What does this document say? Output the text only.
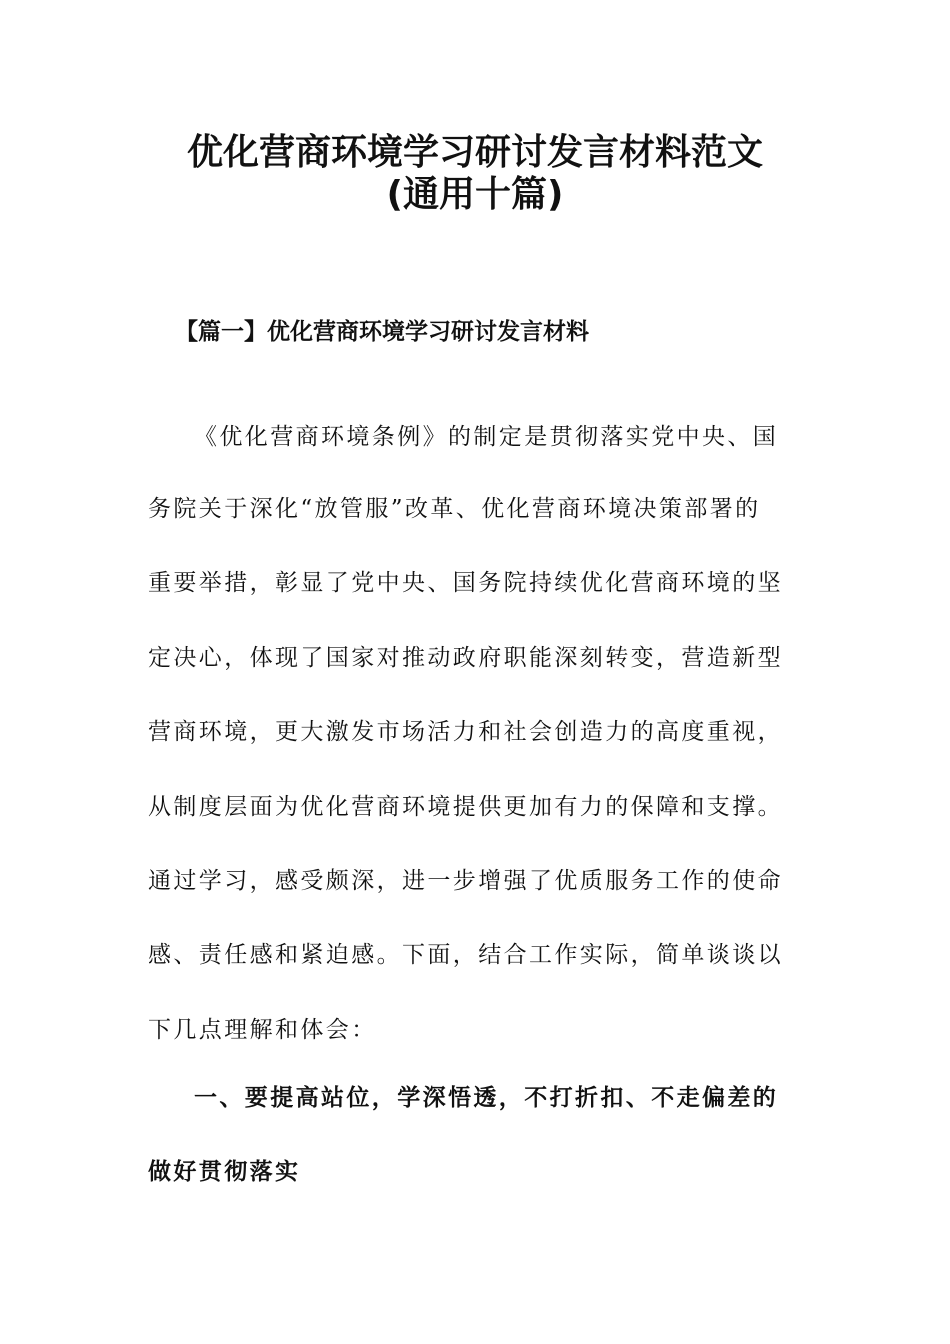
优化营商环境学习研讨发言材料范文
(通用十篇)
【篇一】优化营商环境学习研讨发言材料
《优化营商环境条例》的制定是贯彻落实党中央、国
务院关于深化“放管服”改革、优化营商环境决策部署的
重要举措，彰显了党中央、国务院持续优化营商环境的坚
定决心，体现了国家对推动政府职能深刻转变，营造新型
营商环境，更大激发市场活力和社会创造力的高度重视，
从制度层面为优化营商环境提供更加有力的保障和支撑。
通过学习，感受颇深，进一步增强了优质服务工作的使命
感、责任感和紧迫感。下面，结合工作实际，简单谈谈以
下几点理解和体会：
一、要提高站位，学深悟透，不打折扣、不走偏差的
做好贯彻落实
